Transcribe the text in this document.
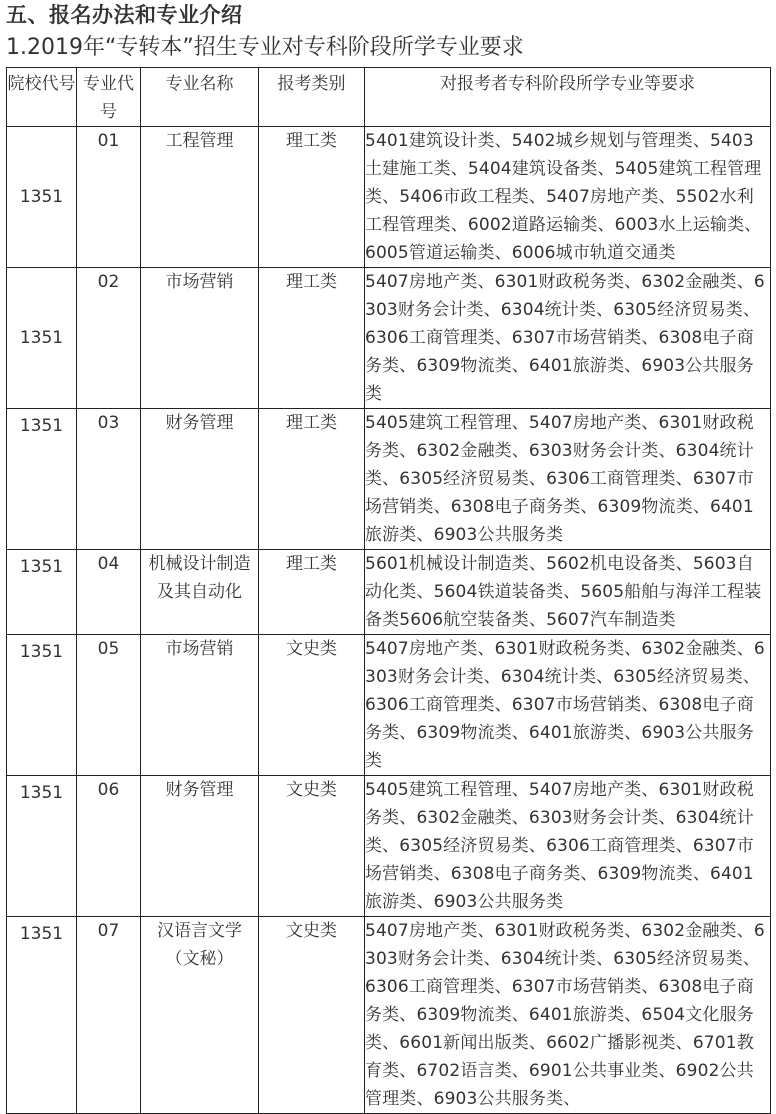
五、报名办法和专业介绍
1.2019年“专转本”招生专业对专科阶段所学专业要求
院校代号	专业代号	专业名称	报考类别	对报考者专科阶段所学专业等要求
1351	01	工程管理	理工类	5401建筑设计类、5402城乡规划与管理类、5403土建施工类、5404建筑设备类、5405建筑工程管理类、5406市政工程类、5407房地产类、5502水利工程管理类、6002道路运输类、6003水上运输类、6005管道运输类、6006城市轨道交通类
1351	02	市场营销	理工类	5407房地产类、6301财政税务类、6302金融类、6303财务会计类、6304统计类、6305经济贸易类、6306工商管理类、6307市场营销类、6308电子商务类、6309物流类、6401旅游类、6903公共服务类
1351	03	财务管理	理工类	5405建筑工程管理、5407房地产类、6301财政税务类、6302金融类、6303财务会计类、6304统计类、6305经济贸易类、6306工商管理类、6307市场营销类、6308电子商务类、6309物流类、6401旅游类、6903公共服务类
1351	04	机械设计制造及其自动化	理工类	5601机械设计制造类、5602机电设备类、5603自动化类、5604铁道装备类、5605船舶与海洋工程装备类5606航空装备类、5607汽车制造类
1351	05	市场营销	文史类	5407房地产类、6301财政税务类、6302金融类、6303财务会计类、6304统计类、6305经济贸易类、6306工商管理类、6307市场营销类、6308电子商务类、6309物流类、6401旅游类、6903公共服务类
1351	06	财务管理	文史类	5405建筑工程管理、5407房地产类、6301财政税务类、6302金融类、6303财务会计类、6304统计类、6305经济贸易类、6306工商管理类、6307市场营销类、6308电子商务类、6309物流类、6401旅游类、6903公共服务类
1351	07	汉语言文学（文秘）	文史类	5407房地产类、6301财政税务类、6302金融类、6303财务会计类、6304统计类、6305经济贸易类、6306工商管理类、6307市场营销类、6308电子商务类、6309物流类、6401旅游类、6504文化服务类、6601新闻出版类、6602广播影视类、6701教育类、6702语言类、6901公共事业类、6902公共管理类、6903公共服务类、
